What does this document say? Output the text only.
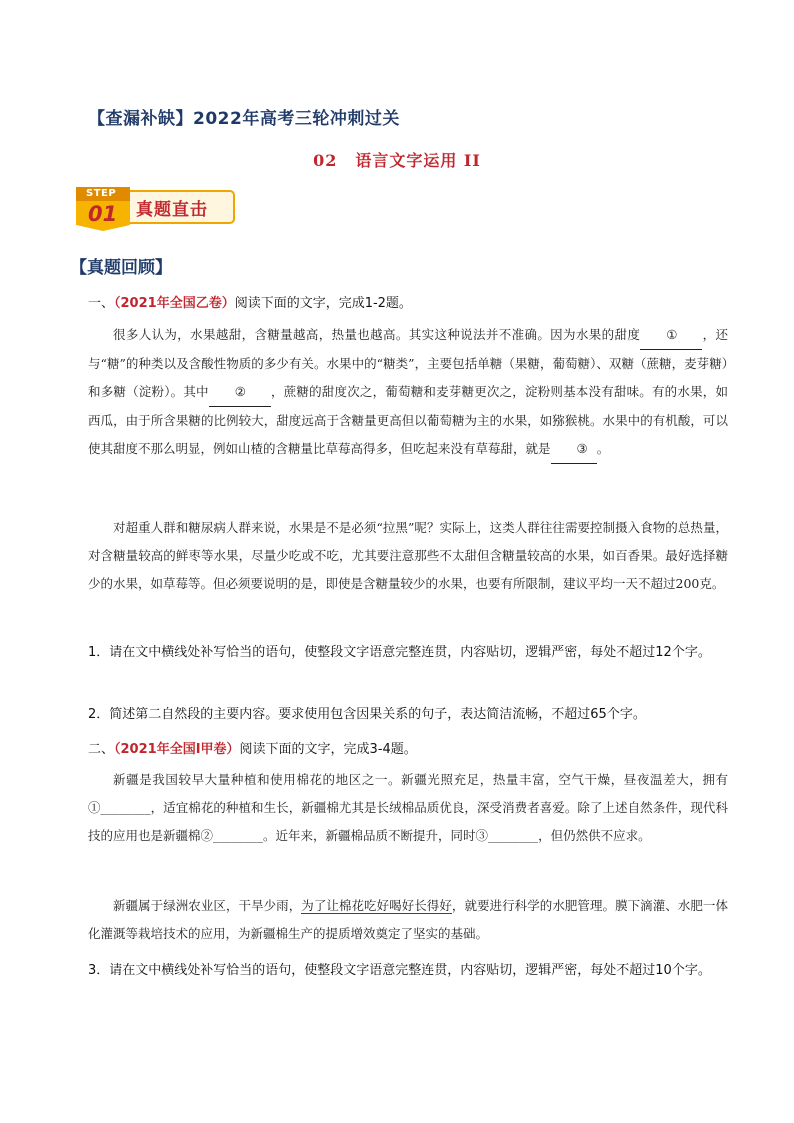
【查漏补缺】2022年高考三轮冲刺过关
02 语言文字运用 II
STEP
01 真题直击
【真题回顾】
一、（2021年全国乙卷）阅读下面的文字，完成1-2题。

很多人认为，水果越甜，含糖量越高，热量也越高。其实这种说法并不准确。因为水果的甜度 ① ，还与“糖”的种类以及含酸性物质的多少有关。水果中的“糖类”，主要包括单糖（果糖，葡萄糖）、双糖（蔗糖，麦芽糖）和多糖（淀粉）。其中 ② ，蔗糖的甜度次之，葡萄糖和麦芽糖更次之，淀粉则基本没有甜味。有的水果，如西瓜，由于所含果糖的比例较大，甜度远高于含糖量更高但以葡萄糖为主的水果，如猕猴桃。水果中的有机酸，可以使其甜度不那么明显，例如山楂的含糖量比草莓高得多，但吃起来没有草莓甜，就是 ③ 。

对超重人群和糖尿病人群来说，水果是不是必须“拉黑”呢？实际上，这类人群往往需要控制摄入食物的总热量，对含糖量较高的鲜枣等水果，尽量少吃或不吃，尤其要注意那些不太甜但含糖量较高的水果，如百香果。最好选择糖少的水果，如草莓等。但必须要说明的是，即使是含糖量较少的水果，也要有所限制，建议平均一天不超过200克。

1．请在文中横线处补写恰当的语句，使整段文字语意完整连贯，内容贴切，逻辑严密，每处不超过12个字。
2．简述第二自然段的主要内容。要求使用包含因果关系的句子，表达简洁流畅，不超过65个字。
二、（2021年全国I甲卷）阅读下面的文字，完成3-4题。

新疆是我国较早大量种植和使用棉花的地区之一。新疆光照充足，热量丰富，空气干燥，昼夜温差大，拥有①________，适宜棉花的种植和生长，新疆棉尤其是长绒棉品质优良，深受消费者喜爱。除了上述自然条件，现代科技的应用也是新疆棉②________。近年来，新疆棉品质不断提升，同时③________，但仍然供不应求。

新疆属于绿洲农业区，干旱少雨，为了让棉花吃好喝好长得好，就要进行科学的水肥管理。膜下滴灌、水肥一体化灌溉等栽培技术的应用，为新疆棉生产的提质增效奠定了坚实的基础。

3．请在文中横线处补写恰当的语句，使整段文字语意完整连贯，内容贴切，逻辑严密，每处不超过10个字。
